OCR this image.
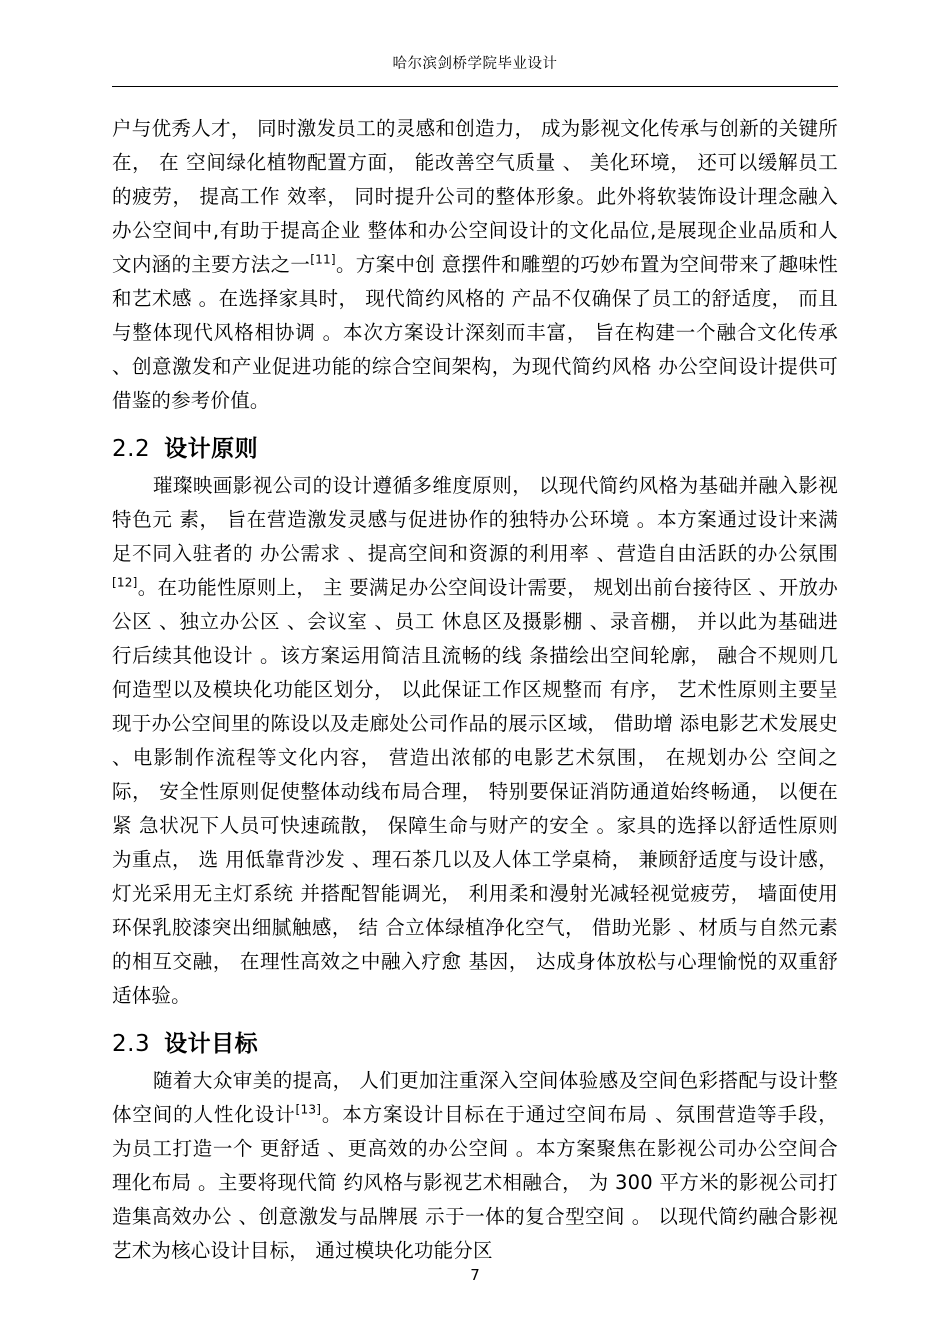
哈尔滨剑桥学院毕业设计

户与优秀人才， 同时激发员工的灵感和创造力， 成为影视文化传承与创新的关键所在， 在 空间绿化植物配置方面， 能改善空气质量 、 美化环境， 还可以缓解员工的疲劳， 提高工作 效率， 同时提升公司的整体形象。此外将软装饰设计理念融入办公空间中,有助于提高企业 整体和办公空间设计的文化品位,是展现企业品质和人文内涵的主要方法之一[11]。方案中创 意摆件和雕塑的巧妙布置为空间带来了趣味性和艺术感 。在选择家具时， 现代简约风格的 产品不仅确保了员工的舒适度， 而且与整体现代风格相协调 。本次方案设计深刻而丰富， 旨在构建一个融合文化传承 、创意激发和产业促进功能的综合空间架构，为现代简约风格 办公空间设计提供可借鉴的参考价值。

2.2 设计原则

璀璨映画影视公司的设计遵循多维度原则， 以现代简约风格为基础并融入影视特色元 素， 旨在营造激发灵感与促进协作的独特办公环境 。本方案通过设计来满足不同入驻者的 办公需求 、提高空间和资源的利用率 、营造自由活跃的办公氛围[12]。在功能性原则上， 主 要满足办公空间设计需要， 规划出前台接待区 、开放办公区 、独立办公区 、会议室 、员工 休息区及摄影棚 、录音棚， 并以此为基础进行后续其他设计 。该方案运用简洁且流畅的线 条描绘出空间轮廓， 融合不规则几何造型以及模块化功能区划分， 以此保证工作区规整而 有序， 艺术性原则主要呈现于办公空间里的陈设以及走廊处公司作品的展示区域， 借助增 添电影艺术发展史 、电影制作流程等文化内容， 营造出浓郁的电影艺术氛围， 在规划办公 空间之际， 安全性原则促使整体动线布局合理， 特别要保证消防通道始终畅通， 以便在紧 急状况下人员可快速疏散， 保障生命与财产的安全 。家具的选择以舒适性原则为重点， 选 用低靠背沙发 、理石茶几以及人体工学桌椅， 兼顾舒适度与设计感， 灯光采用无主灯系统 并搭配智能调光， 利用柔和漫射光减轻视觉疲劳， 墙面使用环保乳胶漆突出细腻触感， 结 合立体绿植净化空气， 借助光影 、材质与自然元素的相互交融， 在理性高效之中融入疗愈 基因， 达成身体放松与心理愉悦的双重舒适体验。

2.3 设计目标

随着大众审美的提高， 人们更加注重深入空间体验感及空间色彩搭配与设计整体空间的人性化设计[13]。本方案设计目标在于通过空间布局 、氛围营造等手段， 为员工打造一个 更舒适 、更高效的办公空间 。本方案聚焦在影视公司办公空间合理化布局 。主要将现代简 约风格与影视艺术相融合， 为 300 平方米的影视公司打造集高效办公 、创意激发与品牌展 示于一体的复合型空间 。 以现代简约融合影视艺术为核心设计目标， 通过模块化功能分区

7
